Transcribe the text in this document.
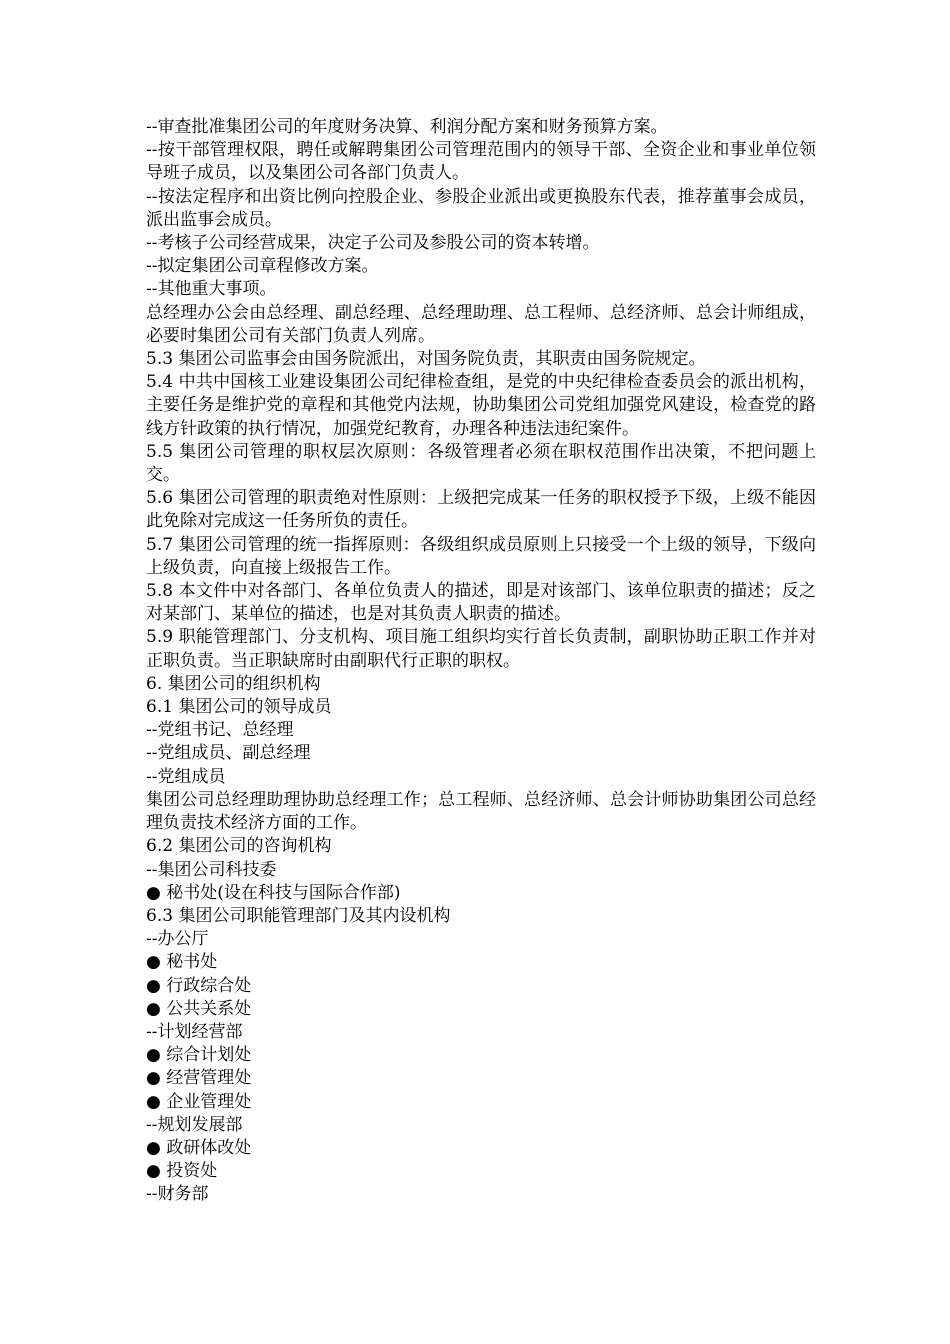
--审查批准集团公司的年度财务决算、利润分配方案和财务预算方案。

--按干部管理权限，聘任或解聘集团公司管理范围内的领导干部、全资企业和事业单位领导班子成员，以及集团公司各部门负责人。

--按法定程序和出资比例向控股企业、参股企业派出或更换股东代表，推荐董事会成员，派出监事会成员。

--考核子公司经营成果，决定子公司及参股公司的资本转增。

--拟定集团公司章程修改方案。

--其他重大事项。

总经理办公会由总经理、副总经理、总经理助理、总工程师、总经济师、总会计师组成，必要时集团公司有关部门负责人列席。

5.3 集团公司监事会由国务院派出，对国务院负责，其职责由国务院规定。

5.4 中共中国核工业建设集团公司纪律检查组，是党的中央纪律检查委员会的派出机构，主要任务是维护党的章程和其他党内法规，协助集团公司党组加强党风建设，检查党的路线方针政策的执行情况，加强党纪教育，办理各种违法违纪案件。

5.5 集团公司管理的职权层次原则：各级管理者必须在职权范围作出决策，不把问题上交。

5.6 集团公司管理的职责绝对性原则：上级把完成某一任务的职权授予下级，上级不能因此免除对完成这一任务所负的责任。

5.7 集团公司管理的统一指挥原则：各级组织成员原则上只接受一个上级的领导，下级向上级负责，向直接上级报告工作。

5.8 本文件中对各部门、各单位负责人的描述，即是对该部门、该单位职责的描述；反之对某部门、某单位的描述，也是对其负责人职责的描述。

5.9 职能管理部门、分支机构、项目施工组织均实行首长负责制，副职协助正职工作并对正职负责。当正职缺席时由副职代行正职的职权。

6. 集团公司的组织机构

6.1 集团公司的领导成员

--党组书记、总经理

--党组成员、副总经理

--党组成员

集团公司总经理助理协助总经理工作；总工程师、总经济师、总会计师协助集团公司总经理负责技术经济方面的工作。

6.2 集团公司的咨询机构

--集团公司科技委

● 秘书处(设在科技与国际合作部)

6.3 集团公司职能管理部门及其内设机构

--办公厅

● 秘书处

● 行政综合处

● 公共关系处

--计划经营部

● 综合计划处

● 经营管理处

● 企业管理处

--规划发展部

● 政研体改处

● 投资处

--财务部
